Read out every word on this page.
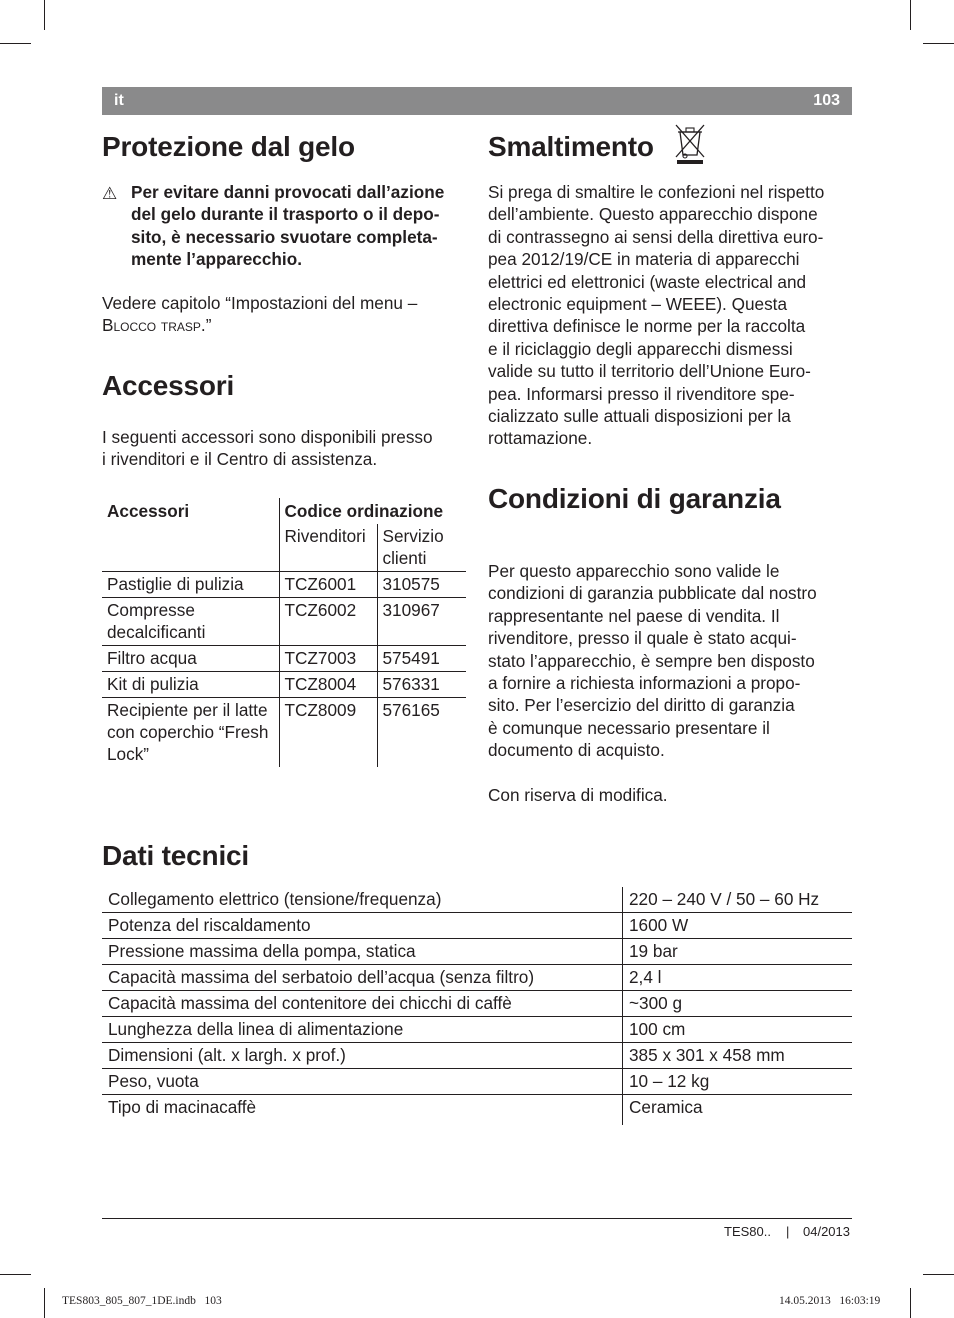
it	103
Protezione dal gelo
⚠ Per evitare danni provocati dall’azione
del gelo durante il trasporto o il depo-
sito, è necessario svuotare completa-
mente l’apparecchio.
Vedere capitolo “Impostazioni del menu –
Blocco trasp.”
Accessori
I seguenti accessori sono disponibili presso
i rivenditori e il Centro di assistenza.
Accessori	Codice ordinazione	
	Rivenditori	Servizio clienti
Pastiglie di pulizia	TCZ6001	310575
Compresse decalcificanti	TCZ6002	310967
Filtro acqua	TCZ7003	575491
Kit di pulizia	TCZ8004	576331
Recipiente per il latte con coperchio “Fresh Lock”	TCZ8009	576165
Smaltimento
Si prega di smaltire le confezioni nel rispetto
dell’ambiente. Questo apparecchio dispone
di contrassegno ai sensi della direttiva euro-
pea 2012/19/CE in materia di apparecchi
elettrici ed elettronici (waste electrical and
electronic equipment – WEEE). Questa
direttiva definisce le norme per la raccolta
e il riciclaggio degli apparecchi dismessi
valide su tutto il territorio dell’Unione Euro-
pea. Informarsi presso il rivenditore spe-
cializzato sulle attuali disposizioni per la
rottamazione.
Condizioni di garanzia
Per questo apparecchio sono valide le
condizioni di garanzia pubblicate dal nostro
rappresentante nel paese di vendita. Il
rivenditore, presso il quale è stato acqui-
stato l’apparecchio, è sempre ben disposto
a fornire a richiesta informazioni a propo-
sito. Per l’esercizio del diritto di garanzia
è comunque necessario presentare il
documento di acquisto.
Con riserva di modifica.
Dati tecnici
Collegamento elettrico (tensione/frequenza)	220 – 240 V / 50 – 60 Hz
Potenza del riscaldamento	1600 W
Pressione massima della pompa, statica	19 bar
Capacità massima del serbatoio dell’acqua (senza filtro)	2,4 l
Capacità massima del contenitore dei chicchi di caffè	~300 g
Lunghezza della linea di alimentazione	100 cm
Dimensioni (alt. x largh. x prof.)	385 x 301 x 458 mm
Peso, vuota	10 – 12 kg
Tipo di macinacaffè	Ceramica
TES80.. | 04/2013
TES803_805_807_1DE.indb   103	14.05.2013   16:03:19
